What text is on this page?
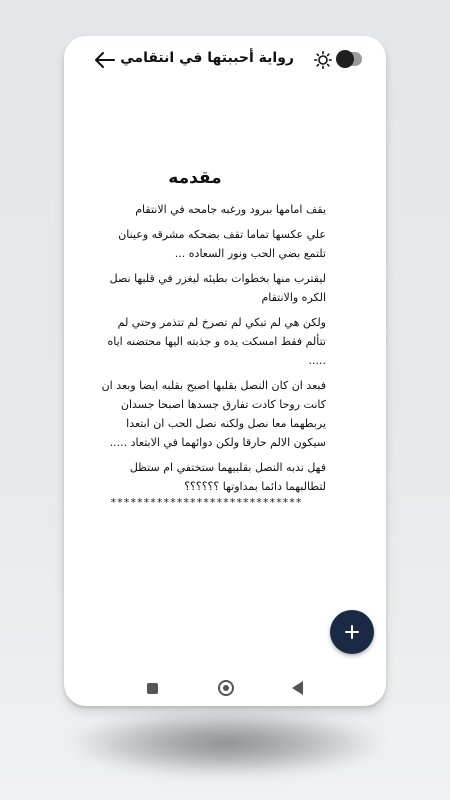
رواية أحببتها في انتقامي
مقدمه

يقف امامها ببرود ورغبه جامحه في الانتقام

علي عكسها تماما تقف بضحكه مشرقه وعينان تلتمع بضي الحب ونور السعاده ...

ليقترب منها بخطوات بطيئه ليغزر في قلبها نصل الكره والانتقام

ولكن هي لم تبكي لم تصرخ لم تتذمر وحتي لم تتألم فقط امسكت يده و جذبته اليها محتضنه اياه .....

فبعد ان كان النصل بقلبها اصبح بقلبه ايضا وبعد ان كانت روحا كادت تفارق جسدها اصبحا جسدان يربطهما معا نصل ولكنه نصل الحب ان ابتعدا سيكون الالم حارقا ولكن دوائهما في الابتعاد .....

فهل ندبه النصل بقلبيهما ستختفي ام ستظل لتطالبهما دائما بمداوتها ؟؟؟؟؟؟

*****************************
